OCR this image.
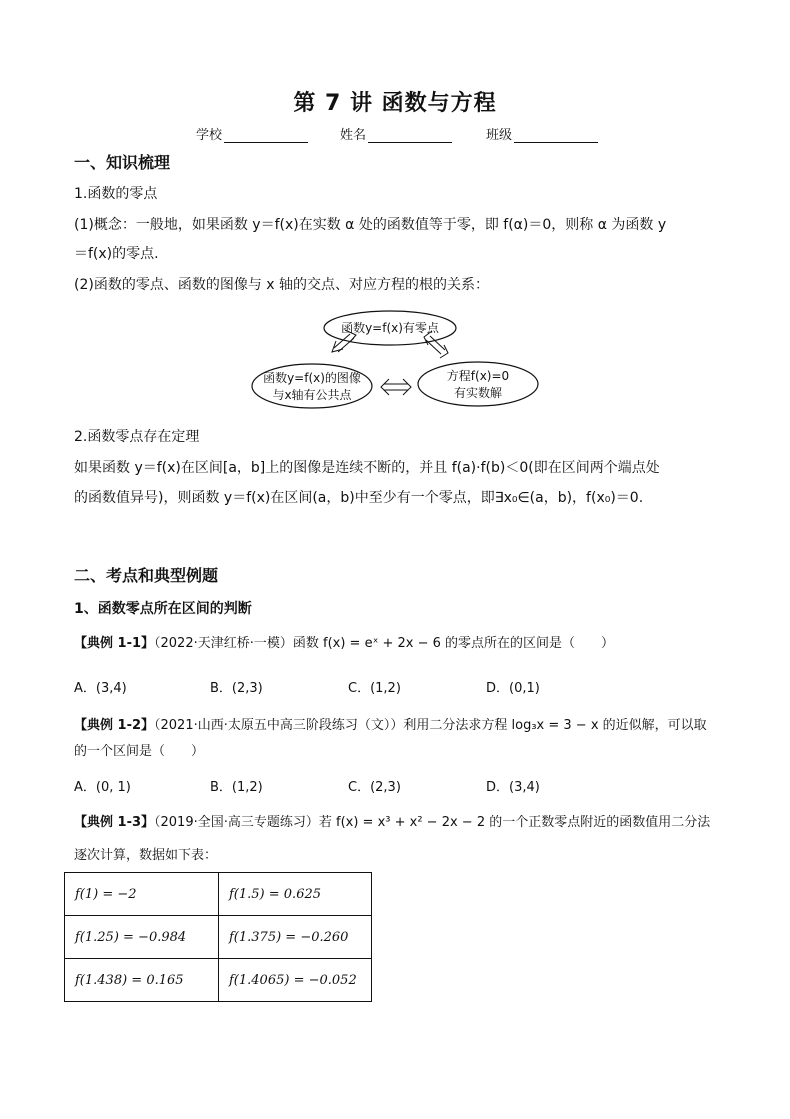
第 7 讲 函数与方程
学校	姓名	班级
一、知识梳理
1.函数的零点
(1)概念：一般地，如果函数 y＝f(x)在实数 α 处的函数值等于零，即 f(α)＝0，则称 α 为函数 y
＝f(x)的零点.
(2)函数的零点、函数的图像与 x 轴的交点、对应方程的根的关系：
函数y=f(x)有零点
函数y=f(x)的图像
与x轴有公共点
方程f(x)=0
有实数解
2.函数零点存在定理
如果函数 y＝f(x)在区间[a，b]上的图像是连续不断的，并且 f(a)·f(b)＜0(即在区间两个端点处
的函数值异号)，则函数 y＝f(x)在区间(a，b)中至少有一个零点，即∃x₀∈(a，b)，f(x₀)＝0.
二、考点和典型例题
1、函数零点所在区间的判断
【典例 1-1】（2022·天津红桥·一模）函数 f(x) = eˣ + 2x − 6 的零点所在的区间是（　　）
A．(3,4)	B．(2,3)	C．(1,2)	D．(0,1)
【典例 1-2】（2021·山西·太原五中高三阶段练习（文））利用二分法求方程 log₃x = 3 − x 的近似解，可以取
的一个区间是（　　）
A．(0, 1)	B．(1,2)	C．(2,3)	D．(3,4)
【典例 1-3】（2019·全国·高三专题练习）若 f(x) = x³ + x² − 2x − 2 的一个正数零点附近的函数值用二分法
逐次计算，数据如下表：
f(1) = −2	f(1.5) = 0.625
f(1.25) = −0.984	f(1.375) = −0.260
f(1.438) = 0.165	f(1.4065) = −0.052
